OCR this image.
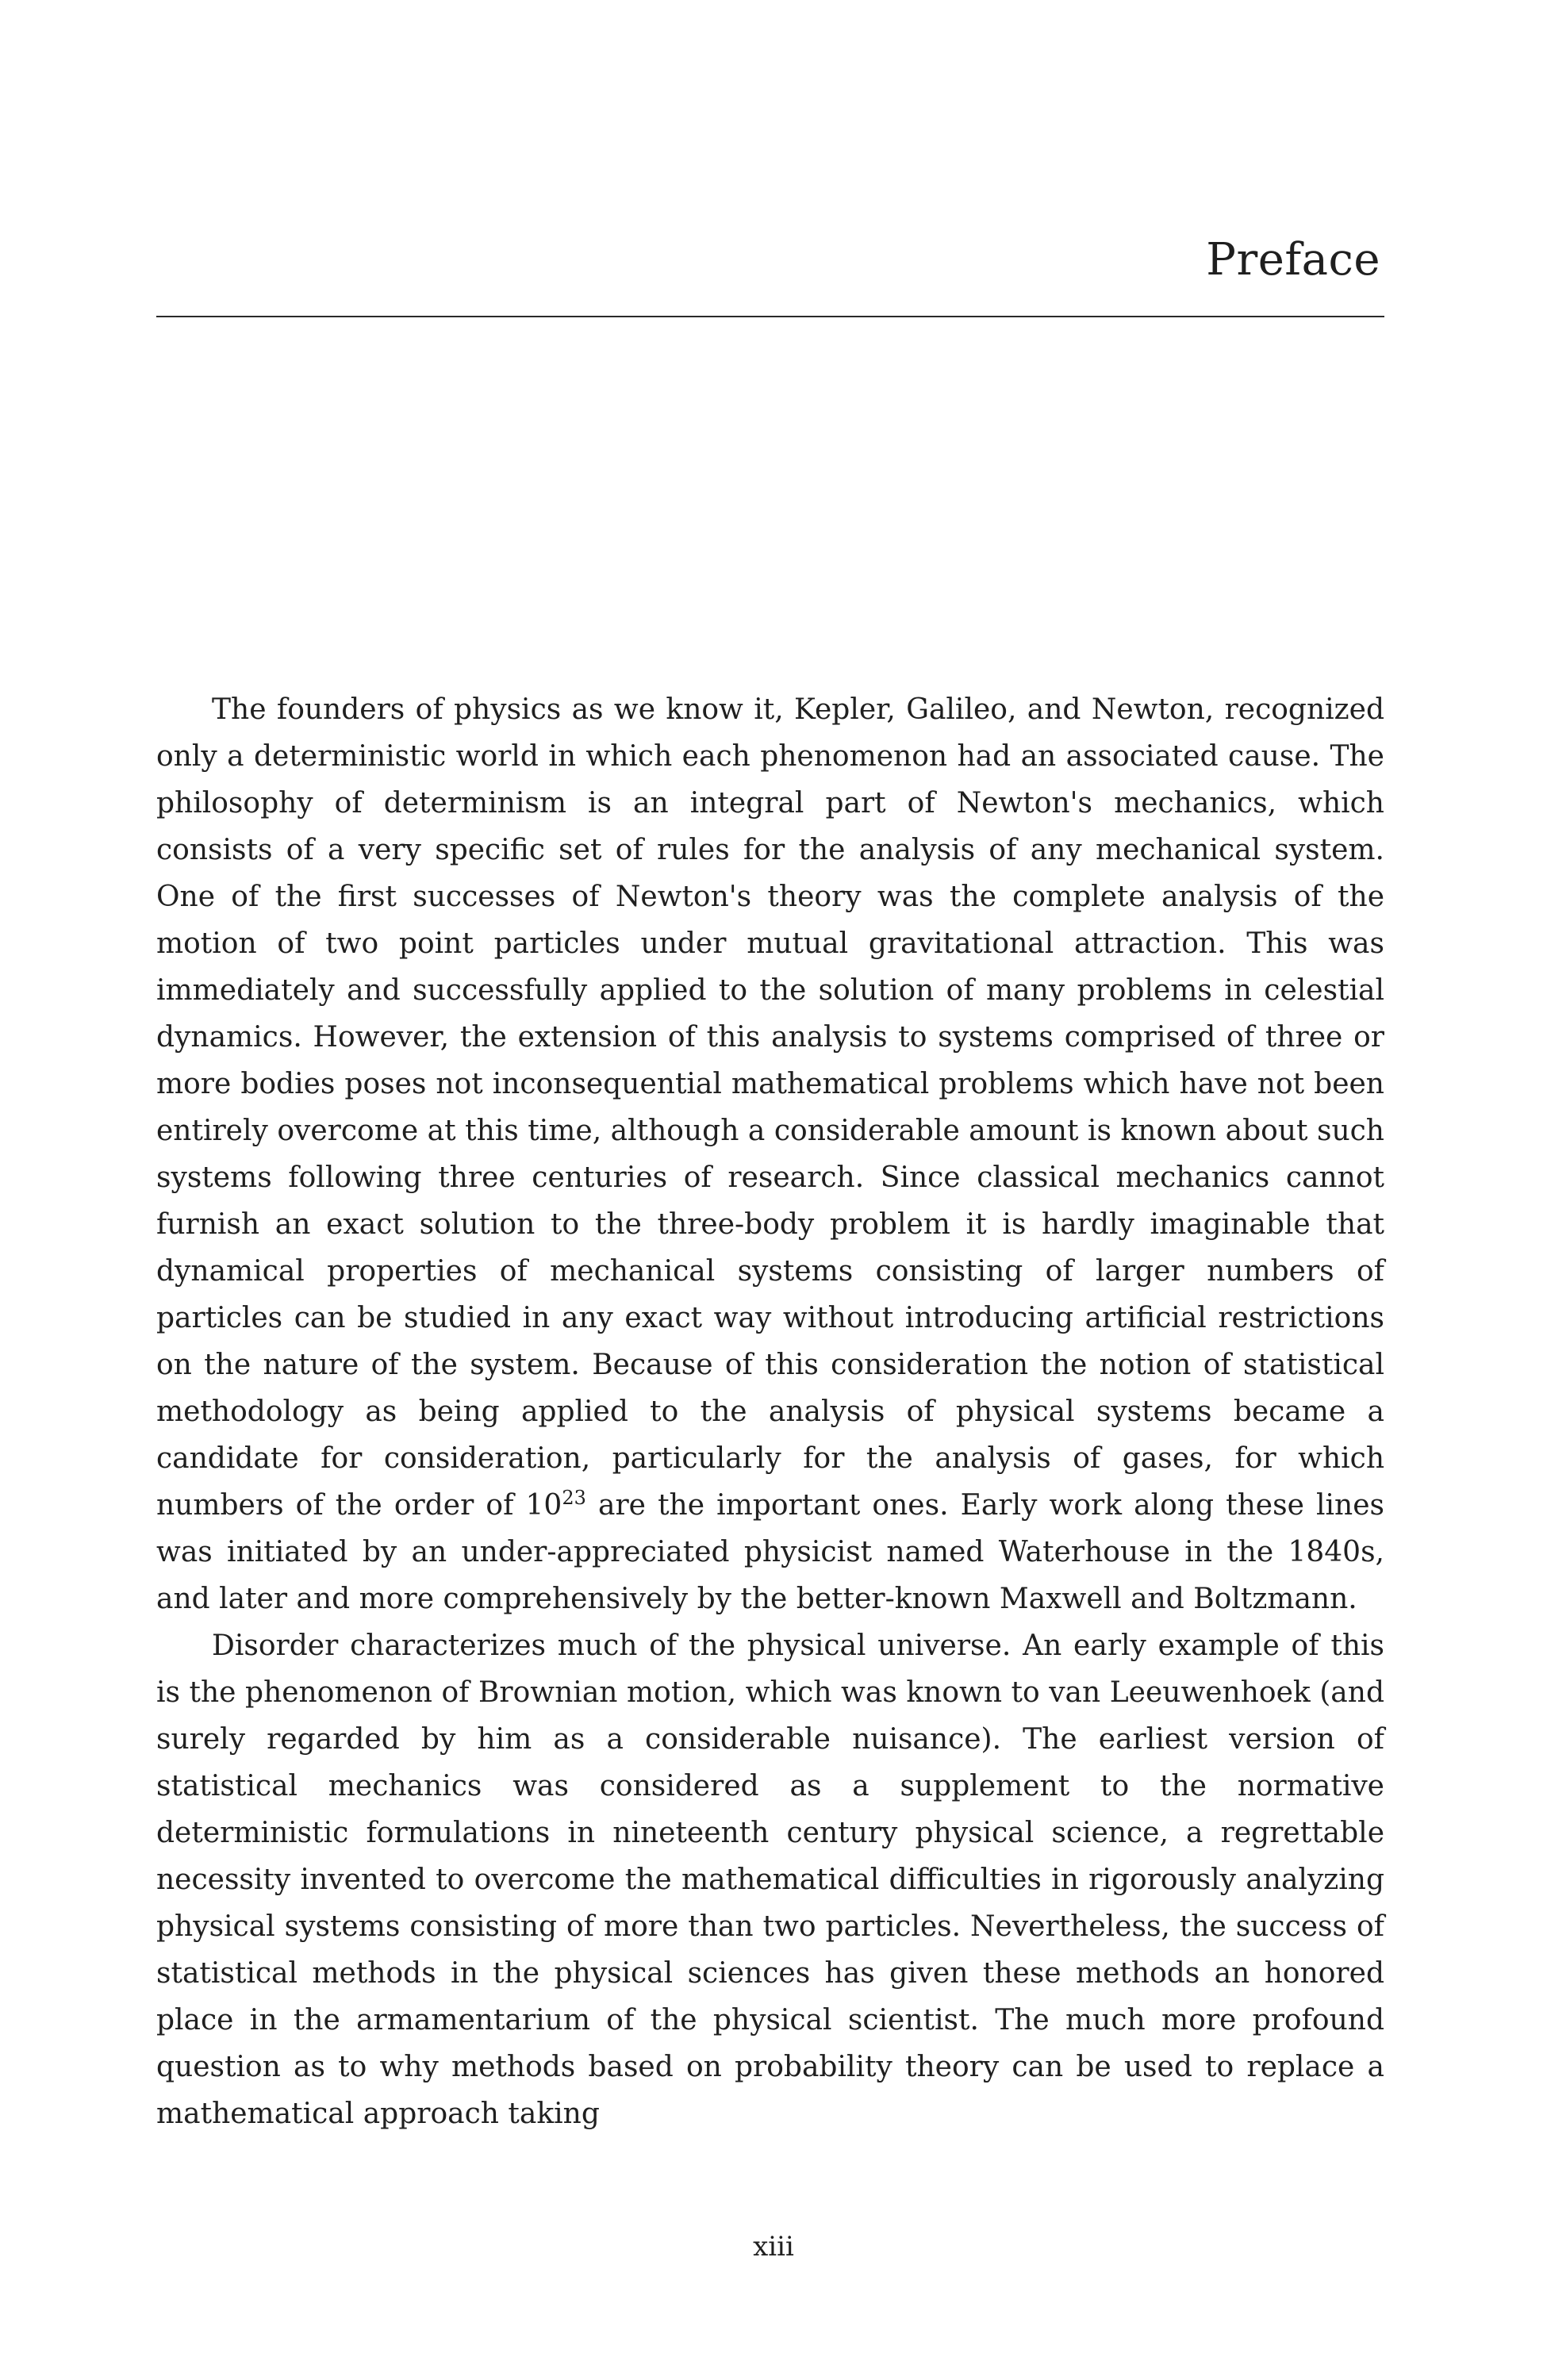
Preface

The founders of physics as we know it, Kepler, Galileo, and Newton, recognized only a deterministic world in which each phenomenon had an associated cause. The philosophy of determinism is an integral part of Newton's mechanics, which consists of a very specific set of rules for the analysis of any mechanical system. One of the first successes of Newton's theory was the complete analysis of the motion of two point particles under mutual gravitational attraction. This was immediately and successfully applied to the solution of many problems in celestial dynamics. However, the extension of this analysis to systems comprised of three or more bodies poses not inconsequential mathematical problems which have not been entirely overcome at this time, although a considerable amount is known about such systems following three centuries of research. Since classical mechanics cannot furnish an exact solution to the three-body problem it is hardly imaginable that dynamical properties of mechanical systems consisting of larger numbers of particles can be studied in any exact way without introducing artificial restrictions on the nature of the system. Because of this consideration the notion of statistical methodology as being applied to the analysis of physical systems became a candidate for consideration, particularly for the analysis of gases, for which numbers of the order of $10^{23}$ are the important ones. Early work along these lines was initiated by an under-appreciated physicist named Waterhouse in the 1840s, and later and more comprehensively by the better-known Maxwell and Boltzmann.

Disorder characterizes much of the physical universe. An early example of this is the phenomenon of Brownian motion, which was known to van Leeuwenhoek (and surely regarded by him as a considerable nuisance). The earliest version of statistical mechanics was considered as a supplement to the normative deterministic formulations in nineteenth century physical science, a regrettable necessity invented to overcome the mathematical difficulties in rigorously analyzing physical systems consisting of more than two particles. Nevertheless, the success of statistical methods in the physical sciences has given these methods an honored place in the armamentarium of the physical scientist. The much more profound question as to why methods based on probability theory can be used to replace a mathematical approach taking

xiii
